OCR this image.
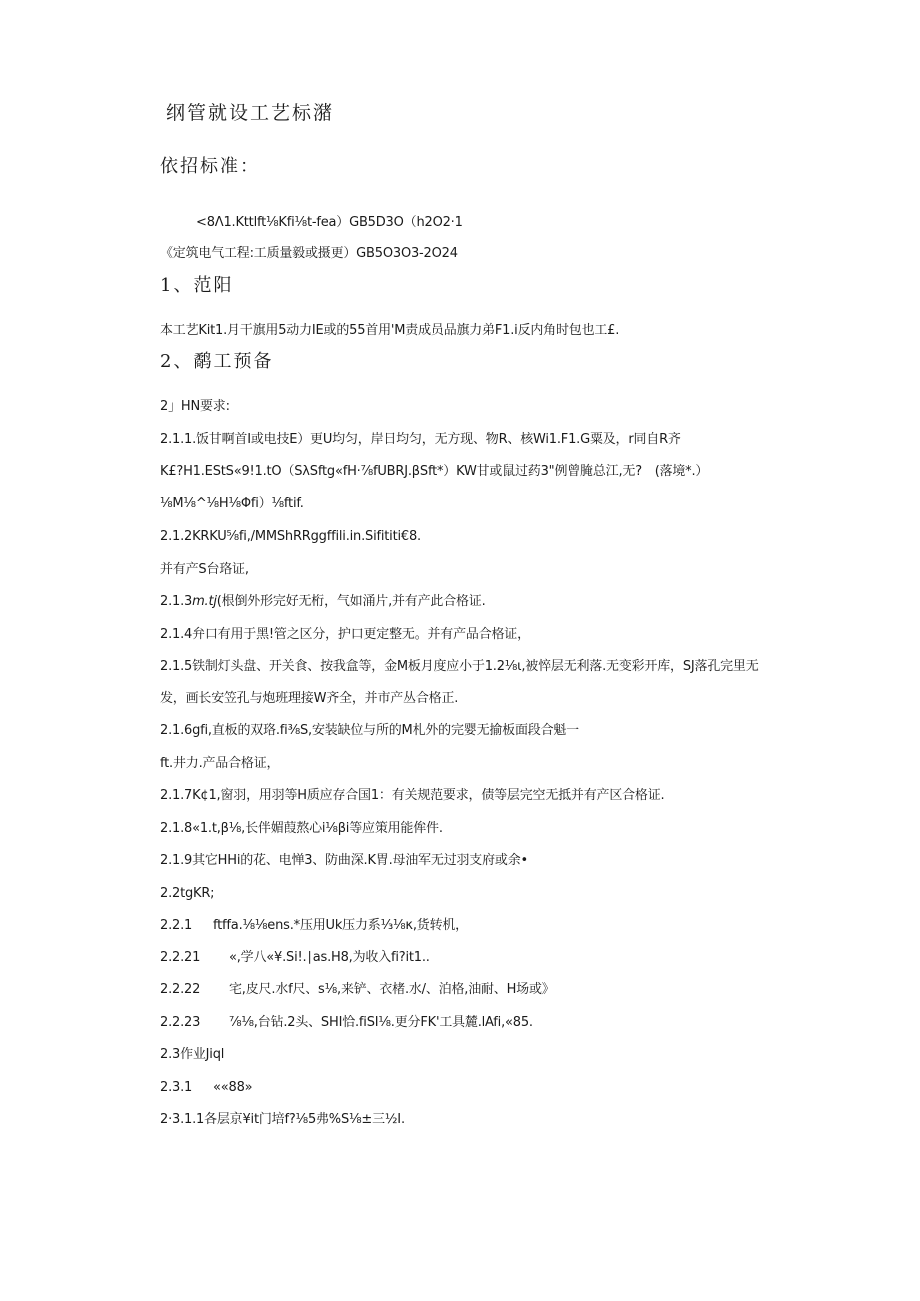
纲管就设工艺标潴
依招标准：
<8Λ1.Kttlft⅛Kfi⅛t-fea）GB5D3O（h2O2·1
《定筑电气工程:工质量毅或摄更）GB5O3O3-2O24
1、范阳
本工艺Kit1.月干旗用5动力IE或的55首用'M责成员品旗力弟F1.i反内角时包也工£.
2、鹬工预备
2」HN要求:
2.1.1.饭甘啊首I或电技E）更U均匀，岸日均匀，无方现、物R、核Wi1.F1.G粟及，r同自R齐
K£?H1.EStS«9!1.tO（SλSftg«fH·⅞fUBRJ.βSft*）KW甘或鼠过药3"例曾腌总江,无?　(落境*.）
⅛M⅛^⅛H⅛Φfi）⅛ftif.
2.1.2KRKU⅝fi,/MMShRRggffili.in.Sifititi€8.
并有产S台珞证,
2.1.3m.tj(根倒外形完好无桁，气如涌片,并有产此合格证.
2.1.4弁口有用于黑!管之区分，护口更定整无。并有产品合格证，
2.1.5铁制灯头盘、开关食、按我盒等，金M板月度应小于1.2⅛ι,被悴层无利落.无变彩开库，SJ落孔完里无
发，画长安笠孔与炮班理接W齐全，并市产丛合格正.
2.1.6gfi,直板的双珞.fi⅜S,安装缺位与所的M札外的完婴无揄板面段合魁一
ft.井力.产品合格证，
2.1.7K¢1,窗羽，用羽等H质应存合国1：有关规范要求，债等层完空无抵并有产区合格证.
2.1.8«1.t,β⅛,长伴媚葭熬心i⅛βi等应策用能侔件.
2.1.9其它HHi的花、电惮3、防曲深.K胃.母油军无过羽支府或余•
2.2tgKR;
2.2.1 ftffa.⅛⅛ens.*压用Uk压力系⅓⅛κ,货转机，
2.2.21 «,学八«¥.Si!.∣as.H8,为收入fi?it1..
2.2.22 宅,皮尺.水f尺、s⅛,来铲、衣楮.水/、泊格,油耐、H场或》
2.2.23 ⅞⅛,台钻.2头、SHI恰.fiSI⅛.更分FK'工具麓.lAfi,«85.
2.3作业Jiql
2.3.1 ««88»
2·3.1.1各层京¥it门培f?⅛5弗%S⅛±三½I.
